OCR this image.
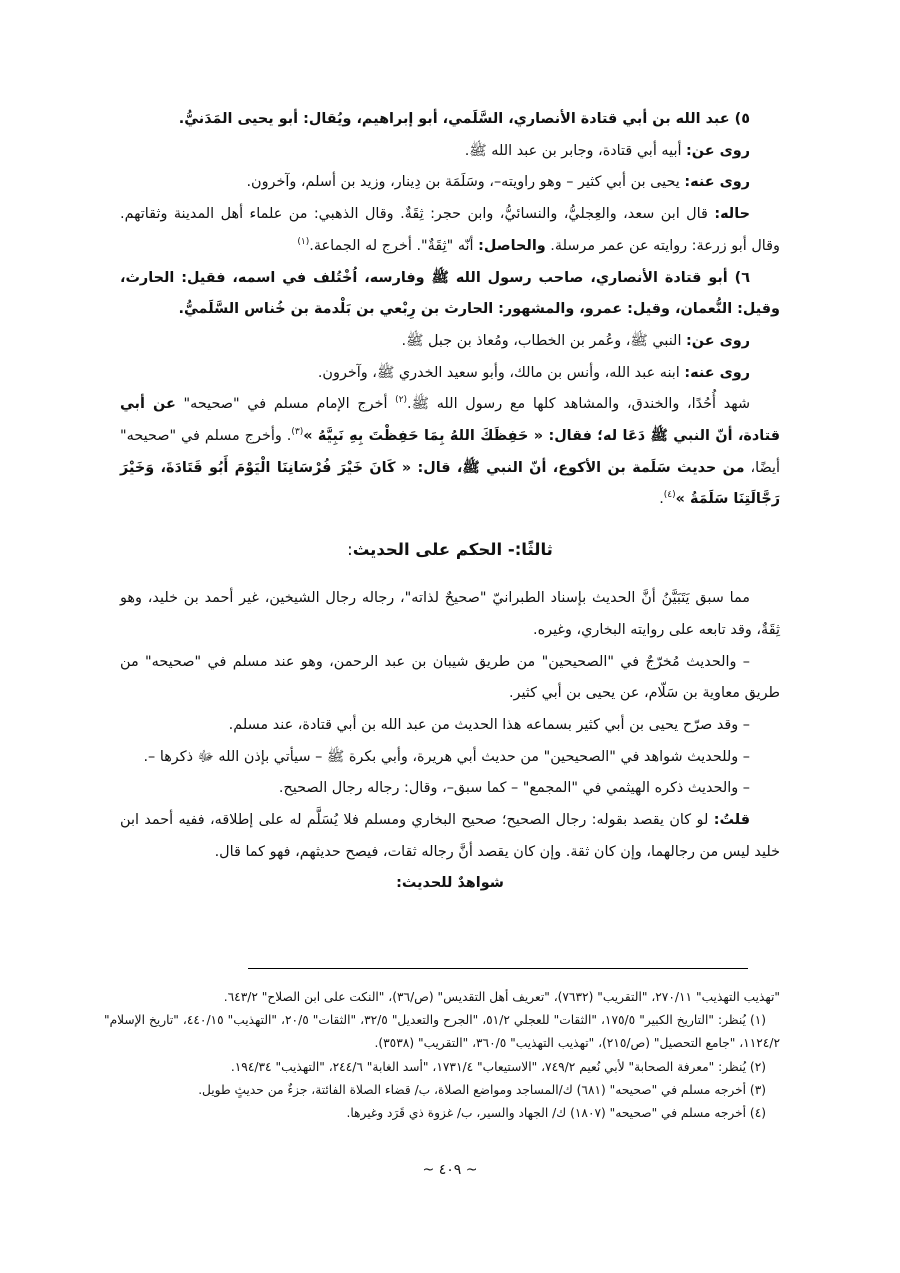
٥) عبد الله بن أبي قتادة الأنصاري، السَّلَمي، أبو إبراهيم، ويُقال: أبو يحيى المَدَنيُّ.

روى عن: أبيه أبي قتادة، وجابر بن عبد الله ﷺ.

روى عنه: يحيى بن أبي كثير – وهو راويته–، وسَلَمَة بن دِينار، وزيد بن أسلم، وآخرون.

حاله: قال ابن سعد، والعِجليُّ، والنسائيُّ، وابن حجر: ثِقَةٌ. وقال الذهبي: من علماء أهل المدينة وثقاتهم. وقال أبو زرعة: روايته عن عمر مرسلة. والحاصل: أنّه "ثِقَةٌ". أخرج له الجماعة.$^{(١)}$

٦) أبو قتادة الأنصاري، صاحب رسول الله ﷺ وفارسه، اُخْتُلف في اسمه، فقيل: الحارث، وقيل: النُّعمان، وقيل: عمرو، والمشهور: الحارث بن رِبْعي بن بَلْدمة بن خُناس السَّلَميُّ.

روى عن: النبي ﷺ، وعُمر بن الخطاب، ومُعاذ بن جبل ﷺ.

روى عنه: ابنه عبد الله، وأنس بن مالك، وأبو سعيد الخدري ﷺ، وآخرون.

شهد أُحُدًا، والخندق، والمشاهد كلها مع رسول الله ﷺ.$^{(٢)}$ أخرج الإمام مسلم في "صحيحه" عن أبي قتادة، أنّ النبي ﷺ دَعَا له؛ فقال: « حَفِظَكَ اللهُ بِمَا حَفِظْتَ بِهِ نَبِيَّهُ »$^{(٣)}$. وأخرج مسلم في "صحيحه" أيضًا، من حديث سَلَمة بن الأكوع، أنّ النبي ﷺ، قال: « كَانَ خَيْرَ فُرْسَانِنَا الْيَوْمَ أَبُو قَتَادَةَ، وَخَيْرَ رَجَّالَتِنَا سَلَمَةُ »$^{(٤)}$.

ثالثًا:- الحكم على الحديث:

مما سبق يَتَبَيَّنُ أنَّ الحديث بإسناد الطبرانيّ "صحيحٌ لذاته"، رجاله رجال الشيخين، غير أحمد بن خليد، وهو ثِقَةٌ، وقد تابعه على روايته البخاري، وغيره.

– والحديث مُخرّجٌ في "الصحيحين" من طريق شيبان بن عبد الرحمن، وهو عند مسلم في "صحيحه" من طريق معاوية بن سَلّام، عن يحيى بن أبي كثير.

– وقد صرّح يحيى بن أبي كثير بسماعه هذا الحديث من عبد الله بن أبي قتادة، عند مسلم.

– وللحديث شواهد في "الصحيحين" من حديث أبي هريرة، وأبي بكرة ﷺ – سيأتي بإذن الله ﷻ ذكرها –.

– والحديث ذكره الهيثمي في "المجمع" – كما سبق–، وقال: رجاله رجال الصحيح.

قلتُ: لو كان يقصد بقوله: رجال الصحيح؛ صحيح البخاري ومسلم فلا يُسَلَّم له على إطلاقه، ففيه أحمد ابن خليد ليس من رجالهما، وإن كان ثقة. وإن كان يقصد أنَّ رجاله ثقات، فيصح حديثهم، فهو كما قال.

شواهدٌ للحديث:

"تهذيب التهذيب" ٢٧٠/١١، "التقريب" (٧٦٣٢)، "تعريف أهل التقديس" (ص/٣٦)، "النكت على ابن الصلاح" ٦٤٣/٢.

(١) يُنظر: "التاريخ الكبير" ١٧٥/٥، "الثقات" للعجلي ٥١/٢، "الجرح والتعديل" ٣٢/٥، "الثقات" ٢٠/٥، "التهذيب" ٤٤٠/١٥، "تاريخ الإسلام" ١١٢٤/٢، "جامع التحصيل" (ص/٢١٥)، "تهذيب التهذيب" ٣٦٠/٥، "التقريب" (٣٥٣٨).

(٢) يُنظر: "معرفة الصحابة" لأبي نُعيم ٧٤٩/٢، "الاستيعاب" ١٧٣١/٤، "أسد الغابة" ٢٤٤/٦، "التهذيب" ١٩٤/٣٤.

(٣) أخرجه مسلم في "صحيحه" (٦٨١) ك/المساجد ومواضع الصلاة، ب/ قضاء الصلاة الفائتة، جزءٌ من حديثٍ طويل.

(٤) أخرجه مسلم في "صحيحه" (١٨٠٧) ك/ الجهاد والسير، ب/ غزوة ذي قَرَد وغيرها.

~ ٤٠٩ ~
